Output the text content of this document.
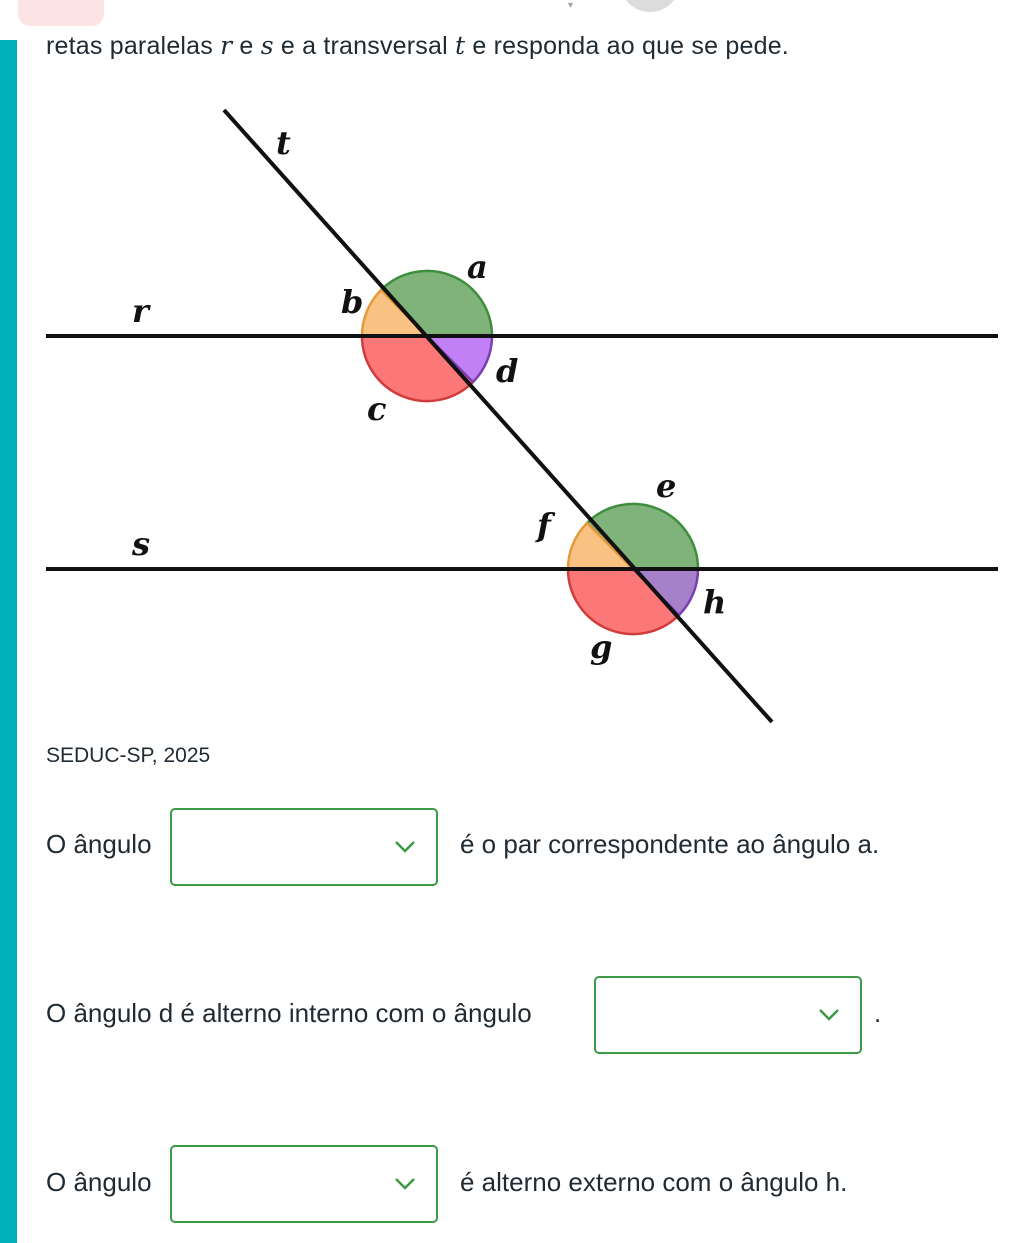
▾
retas paralelas r e s e a transversal t e responda ao que se pede.
t
r
s
a
b
c
d
e
f
g
h
SEDUC-SP, 2025
O ângulo	é o par correspondente ao ângulo a.
O ângulo d é alterno interno com o ângulo	.
O ângulo	é alterno externo com o ângulo h.
